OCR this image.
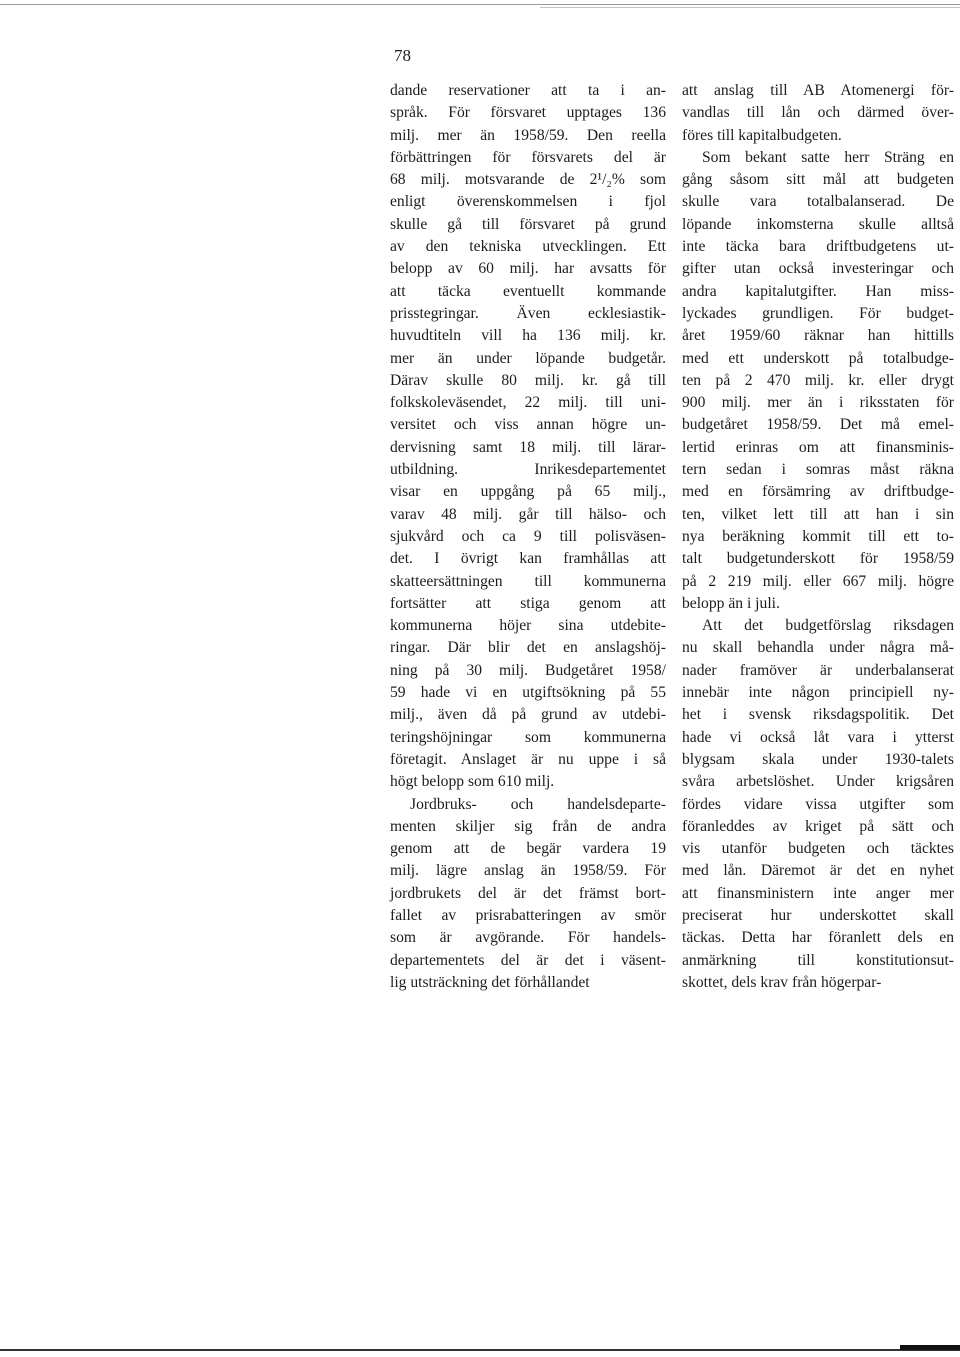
78
dande reservationer att ta i an-
språk. För försvaret upptages 136
milj. mer än 1958/59. Den reella
förbättringen för försvarets del är
68 milj. motsvarande de 2¹/₂% som
enligt överenskommelsen i fjol
skulle gå till försvaret på grund
av den tekniska utvecklingen. Ett
belopp av 60 milj. har avsatts för
att täcka eventuellt kommande
prisstegringar. Även ecklesiastik-
huvudtiteln vill ha 136 milj. kr.
mer än under löpande budgetår.
Därav skulle 80 milj. kr. gå till
folkskoleväsendet, 22 milj. till uni-
versitet och viss annan högre un-
dervisning samt 18 milj. till lärar-
utbildning. Inrikesdepartementet
visar en uppgång på 65 milj.,
varav 48 milj. går till hälso- och
sjukvård och ca 9 till polisväsen-
det. I övrigt kan framhållas att
skatteersättningen till kommunerna
fortsätter att stiga genom att
kommunerna höjer sina utdebite-
ringar. Där blir det en anslagshöj-
ning på 30 milj. Budgetåret 1958/
59 hade vi en utgiftsökning på 55
milj., även då på grund av utdebi-
teringshöjningar som kommunerna
företagit. Anslaget är nu uppe i så
högt belopp som 610 milj.
Jordbruks- och handelsdeparte-
menten skiljer sig från de andra
genom att de begär vardera 19
milj. lägre anslag än 1958/59. För
jordbrukets del är det främst bort-
fallet av prisrabatteringen av smör
som är avgörande. För handels-
departementets del är det i väsent-
lig utsträckning det förhållandet
att anslag till AB Atomenergi för-
vandlas till lån och därmed över-
föres till kapitalbudgeten.
Som bekant satte herr Sträng en
gång såsom sitt mål att budgeten
skulle vara totalbalanserad. De
löpande inkomsterna skulle alltså
inte täcka bara driftbudgetens ut-
gifter utan också investeringar och
andra kapitalutgifter. Han miss-
lyckades grundligen. För budget-
året 1959/60 räknar han hittills
med ett underskott på totalbudge-
ten på 2 470 milj. kr. eller drygt
900 milj. mer än i riksstaten för
budgetåret 1958/59. Det må emel-
lertid erinras om att finansminis-
tern sedan i somras måst räkna
med en försämring av driftbudge-
ten, vilket lett till att han i sin
nya beräkning kommit till ett to-
talt budgetunderskott för 1958/59
på 2 219 milj. eller 667 milj. högre
belopp än i juli.
Att det budgetförslag riksdagen
nu skall behandla under några må-
nader framöver är underbalanserat
innebär inte någon principiell ny-
het i svensk riksdagspolitik. Det
hade vi också låt vara i ytterst
blygsam skala under 1930-talets
svåra arbetslöshet. Under krigsåren
fördes vidare vissa utgifter som
föranleddes av kriget på sätt och
vis utanför budgeten och täcktes
med lån. Däremot är det en nyhet
att finansministern inte anger mer
preciserat hur underskottet skall
täckas. Detta har föranlett dels en
anmärkning till konstitutionsut-
skottet, dels krav från högerpar-
